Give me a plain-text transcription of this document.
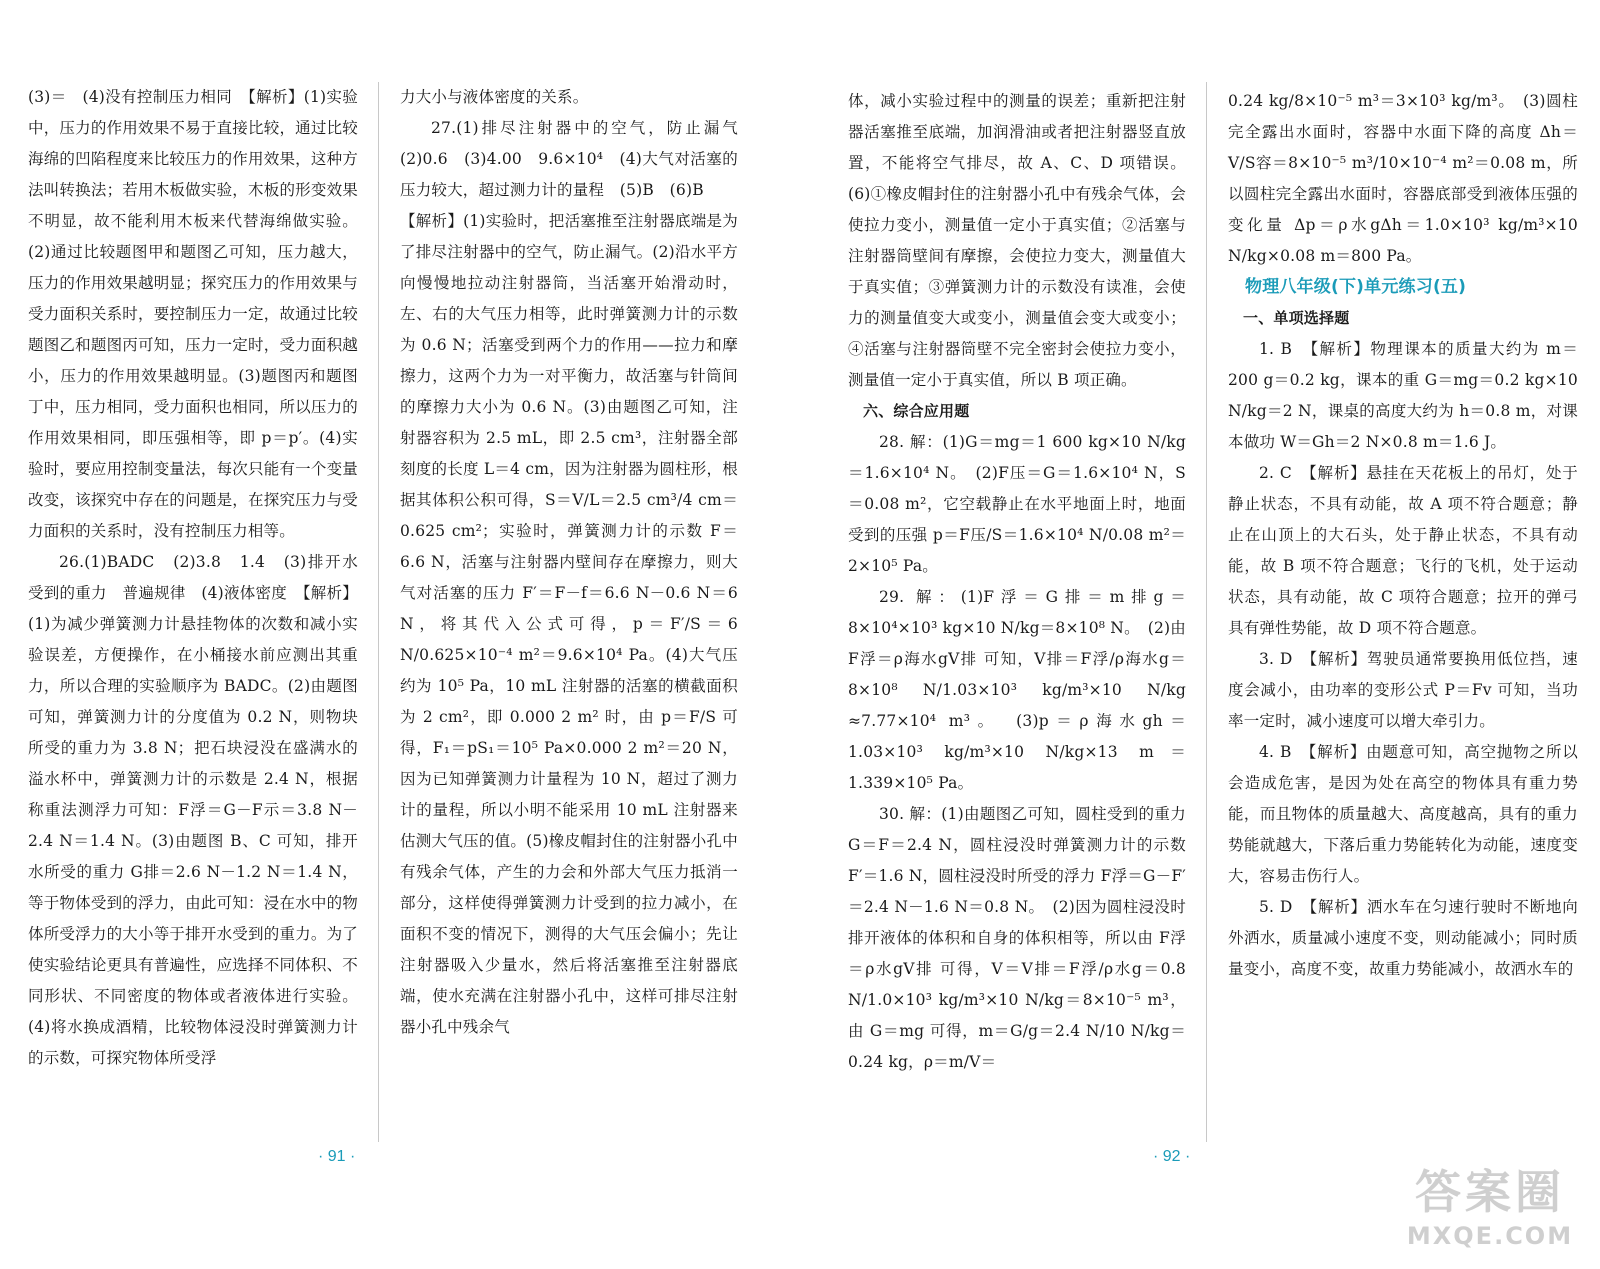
(3)＝　(4)没有控制压力相同　【解析】(1)实验中，压力的作用效果不易于直接比较，通过比较海绵的凹陷程度来比较压力的作用效果，这种方法叫转换法；若用木板做实验，木板的形变效果不明显，故不能利用木板来代替海绵做实验。(2)通过比较题图甲和题图乙可知，压力越大，压力的作用效果越明显；探究压力的作用效果与受力面积关系时，要控制压力一定，故通过比较题图乙和题图丙可知，压力一定时，受力面积越小，压力的作用效果越明显。(3)题图丙和题图丁中，压力相同，受力面积也相同，所以压力的作用效果相同，即压强相等，即 p＝p′。(4)实验时，要应用控制变量法，每次只能有一个变量改变，该探究中存在的问题是，在探究压力与受力面积的关系时，没有控制压力相等。

26.(1)BADC　(2)3.8　1.4　(3)排开水受到的重力　普遍规律　(4)液体密度　【解析】(1)为减少弹簧测力计悬挂物体的次数和减小实验误差，方便操作，在小桶接水前应测出其重力，所以合理的实验顺序为 BADC。(2)由题图可知，弹簧测力计的分度值为 0.2 N，则物块所受的重力为 3.8 N；把石块浸没在盛满水的溢水杯中，弹簧测力计的示数是 2.4 N，根据称重法测浮力可知：F浮＝G－F示＝3.8 N－2.4 N＝1.4 N。(3)由题图 B、C 可知，排开水所受的重力 G排＝2.6 N－1.2 N＝1.4 N，等于物体受到的浮力，由此可知：浸在水中的物体所受浮力的大小等于排开水受到的重力。为了使实验结论更具有普遍性，应选择不同体积、不同形状、不同密度的物体或者液体进行实验。(4)将水换成酒精，比较物体浸没时弹簧测力计的示数，可探究物体所受浮

力大小与液体密度的关系。

27.(1)排尽注射器中的空气，防止漏气　(2)0.6　(3)4.00　9.6×10⁴　(4)大气对活塞的压力较大，超过测力计的量程　(5)B　(6)B

【解析】(1)实验时，把活塞推至注射器底端是为了排尽注射器中的空气，防止漏气。(2)沿水平方向慢慢地拉动注射器筒，当活塞开始滑动时，左、右的大气压力相等，此时弹簧测力计的示数为 0.6 N；活塞受到两个力的作用——拉力和摩擦力，这两个力为一对平衡力，故活塞与针筒间的摩擦力大小为 0.6 N。(3)由题图乙可知，注射器容积为 2.5 mL，即 2.5 cm³，注射器全部刻度的长度 L＝4 cm，因为注射器为圆柱形，根据其体积公积可得，S＝V/L＝2.5 cm³/4 cm＝0.625 cm²；实验时，弹簧测力计的示数 F＝6.6 N，活塞与注射器内壁间存在摩擦力，则大气对活塞的压力 F′＝F－f＝6.6 N－0.6 N＝6 N，将其代入公式可得，p＝F′/S＝6 N/0.625×10⁻⁴ m²＝9.6×10⁴ Pa。(4)大气压约为 10⁵ Pa，10 mL 注射器的活塞的横截面积为 2 cm²，即 0.000 2 m² 时，由 p＝F/S 可得，F₁＝pS₁＝10⁵ Pa×0.000 2 m²＝20 N，因为已知弹簧测力计量程为 10 N，超过了测力计的量程，所以小明不能采用 10 mL 注射器来估测大气压的值。(5)橡皮帽封住的注射器小孔中有残余气体，产生的力会和外部大气压力抵消一部分，这样使得弹簧测力计受到的拉力减小，在面积不变的情况下，测得的大气压会偏小；先让注射器吸入少量水，然后将活塞推至注射器底端，使水充满在注射器小孔中，这样可排尽注射器小孔中残余气

· 91 ·

体，减小实验过程中的测量的误差；重新把注射器活塞推至底端，加润滑油或者把注射器竖直放置，不能将空气排尽，故 A、C、D 项错误。(6)①橡皮帽封住的注射器小孔中有残余气体，会使拉力变小，测量值一定小于真实值；②活塞与注射器筒壁间有摩擦，会使拉力变大，测量值大于真实值；③弹簧测力计的示数没有读准，会使力的测量值变大或变小，测量值会变大或变小；④活塞与注射器筒壁不完全密封会使拉力变小，测量值一定小于真实值，所以 B 项正确。

六、综合应用题

28. 解：(1)G＝mg＝1 600 kg×10 N/kg＝1.6×10⁴ N。　(2)F压＝G＝1.6×10⁴ N，S＝0.08 m²，它空载静止在水平地面上时，地面受到的压强 p＝F压/S＝1.6×10⁴ N/0.08 m²＝2×10⁵ Pa。

29. 解：(1)F浮＝G排＝m排g＝8×10⁴×10³ kg×10 N/kg＝8×10⁸ N。　(2)由 F浮＝ρ海水gV排 可知，V排＝F浮/ρ海水g＝8×10⁸ N/1.03×10³ kg/m³×10 N/kg ≈7.77×10⁴ m³。　(3)p＝ρ海水gh＝1.03×10³ kg/m³×10 N/kg×13 m＝1.339×10⁵ Pa。

30. 解：(1)由题图乙可知，圆柱受到的重力 G＝F＝2.4 N，圆柱浸没时弹簧测力计的示数 F′＝1.6 N，圆柱浸没时所受的浮力 F浮＝G－F′＝2.4 N－1.6 N＝0.8 N。　(2)因为圆柱浸没时排开液体的体积和自身的体积相等，所以由 F浮＝ρ水gV排 可得，V＝V排＝F浮/ρ水g＝0.8 N/1.0×10³ kg/m³×10 N/kg＝8×10⁻⁵ m³，由 G＝mg 可得，m＝G/g＝2.4 N/10 N/kg＝0.24 kg，ρ＝m/V＝

0.24 kg/8×10⁻⁵ m³＝3×10³ kg/m³。　(3)圆柱完全露出水面时，容器中水面下降的高度 Δh＝V/S容＝8×10⁻⁵ m³/10×10⁻⁴ m²＝0.08 m，所以圆柱完全露出水面时，容器底部受到液体压强的变化量 Δp＝ρ水gΔh＝1.0×10³ kg/m³×10 N/kg×0.08 m＝800 Pa。

物理八年级(下)单元练习(五)

一、单项选择题

1. B　【解析】物理课本的质量大约为 m＝200 g＝0.2 kg，课本的重 G＝mg＝0.2 kg×10 N/kg＝2 N，课桌的高度大约为 h＝0.8 m，对课本做功 W＝Gh＝2 N×0.8 m＝1.6 J。

2. C　【解析】悬挂在天花板上的吊灯，处于静止状态，不具有动能，故 A 项不符合题意；静止在山顶上的大石头，处于静止状态，不具有动能，故 B 项不符合题意；飞行的飞机，处于运动状态，具有动能，故 C 项符合题意；拉开的弹弓具有弹性势能，故 D 项不符合题意。

3. D　【解析】驾驶员通常要换用低位挡，速度会减小，由功率的变形公式 P＝Fv 可知，当功率一定时，减小速度可以增大牵引力。

4. B　【解析】由题意可知，高空抛物之所以会造成危害，是因为处在高空的物体具有重力势能，而且物体的质量越大、高度越高，具有的重力势能就越大，下落后重力势能转化为动能，速度变大，容易击伤行人。

5. D　【解析】洒水车在匀速行驶时不断地向外洒水，质量减小速度不变，则动能减小；同时质量变小，高度不变，故重力势能减小，故洒水车的

· 92 ·
答案圈
MXQE.COM
